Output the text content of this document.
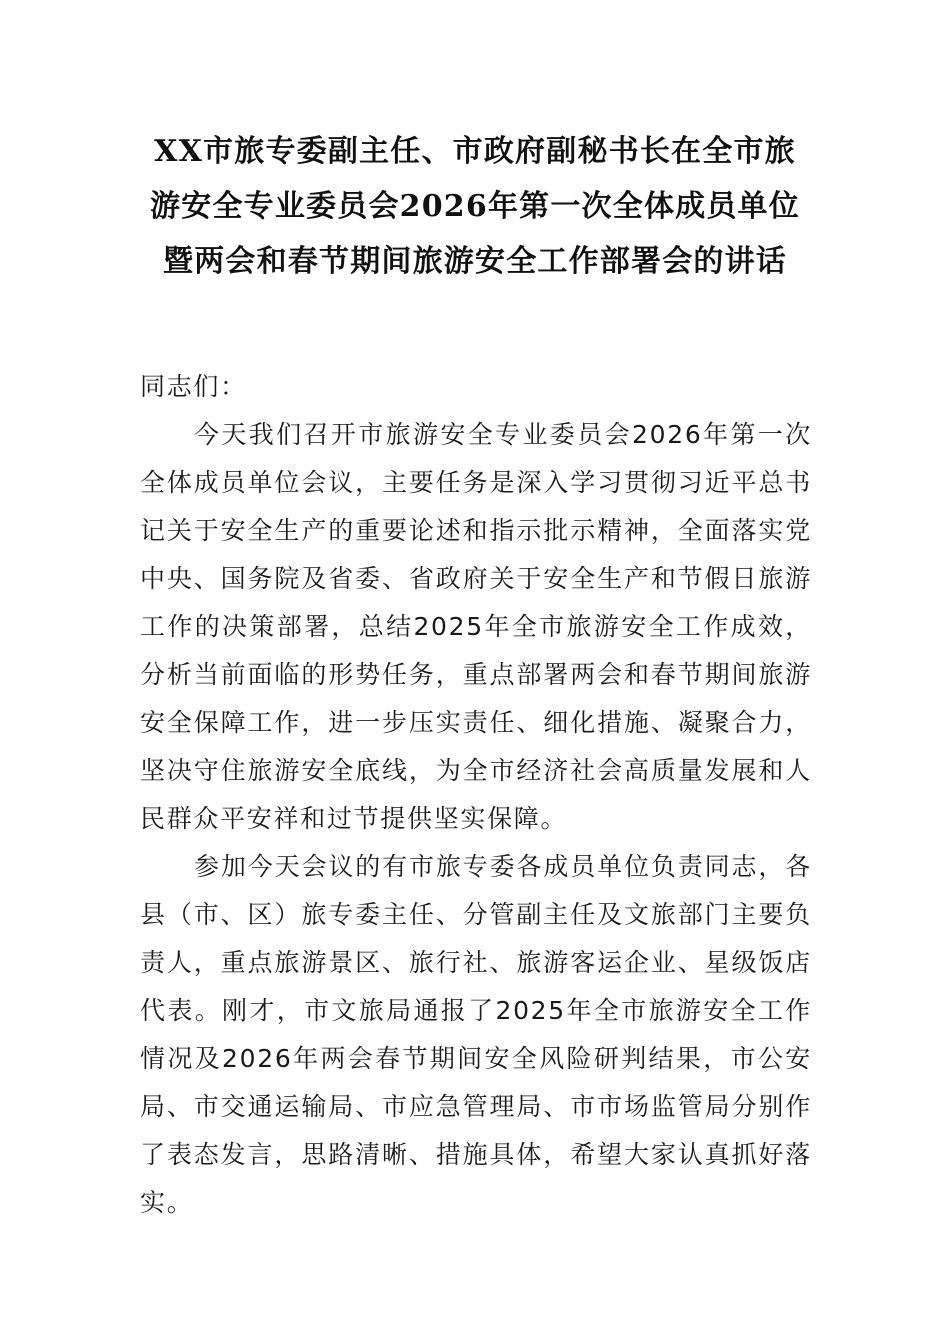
XX市旅专委副主任、市政府副秘书长在全市旅游安全专业委员会2026年第一次全体成员单位暨两会和春节期间旅游安全工作部署会的讲话

同志们：

今天我们召开市旅游安全专业委员会2026年第一次全体成员单位会议，主要任务是深入学习贯彻习近平总书记关于安全生产的重要论述和指示批示精神，全面落实党中央、国务院及省委、省政府关于安全生产和节假日旅游工作的决策部署，总结2025年全市旅游安全工作成效，分析当前面临的形势任务，重点部署两会和春节期间旅游安全保障工作，进一步压实责任、细化措施、凝聚合力，坚决守住旅游安全底线，为全市经济社会高质量发展和人民群众平安祥和过节提供坚实保障。

参加今天会议的有市旅专委各成员单位负责同志，各县（市、区）旅专委主任、分管副主任及文旅部门主要负责人，重点旅游景区、旅行社、旅游客运企业、星级饭店代表。刚才，市文旅局通报了2025年全市旅游安全工作情况及2026年两会春节期间安全风险研判结果，市公安局、市交通运输局、市应急管理局、市市场监管局分别作了表态发言，思路清晰、措施具体，希望大家认真抓好落实。
